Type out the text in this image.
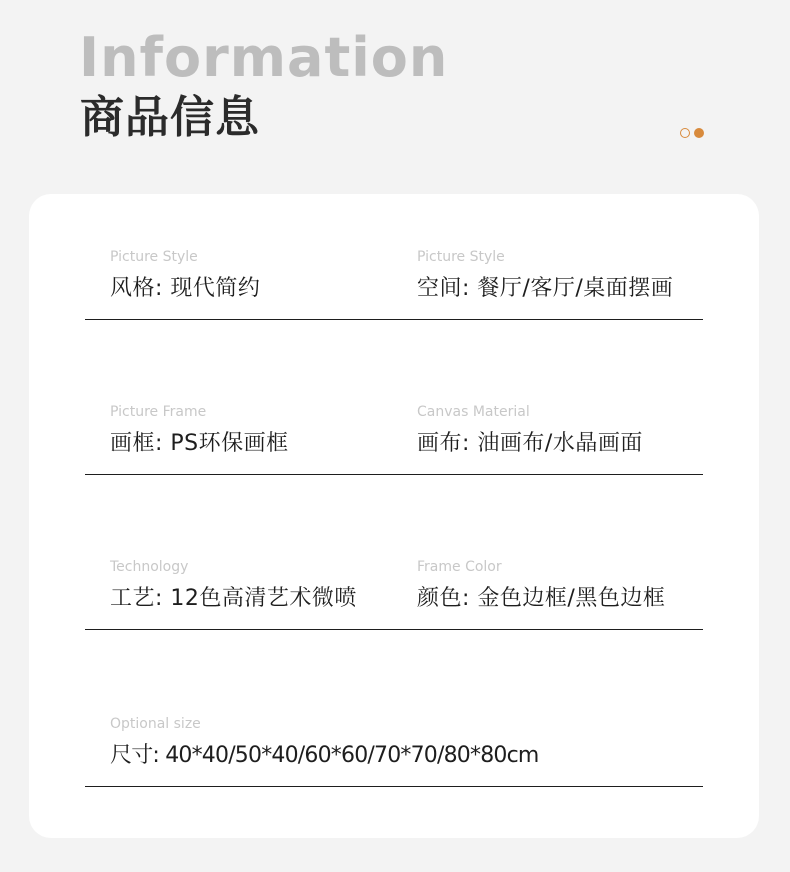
Information
商品信息
Picture Style
风格: 现代简约
Picture Style
空间: 餐厅/客厅/桌面摆画
Picture Frame
画框: PS环保画框
Canvas Material
画布: 油画布/水晶画面
Technology
工艺: 12色高清艺术微喷
Frame Color
颜色: 金色边框/黑色边框
Optional size
尺寸: 40*40/50*40/60*60/70*70/80*80cm
